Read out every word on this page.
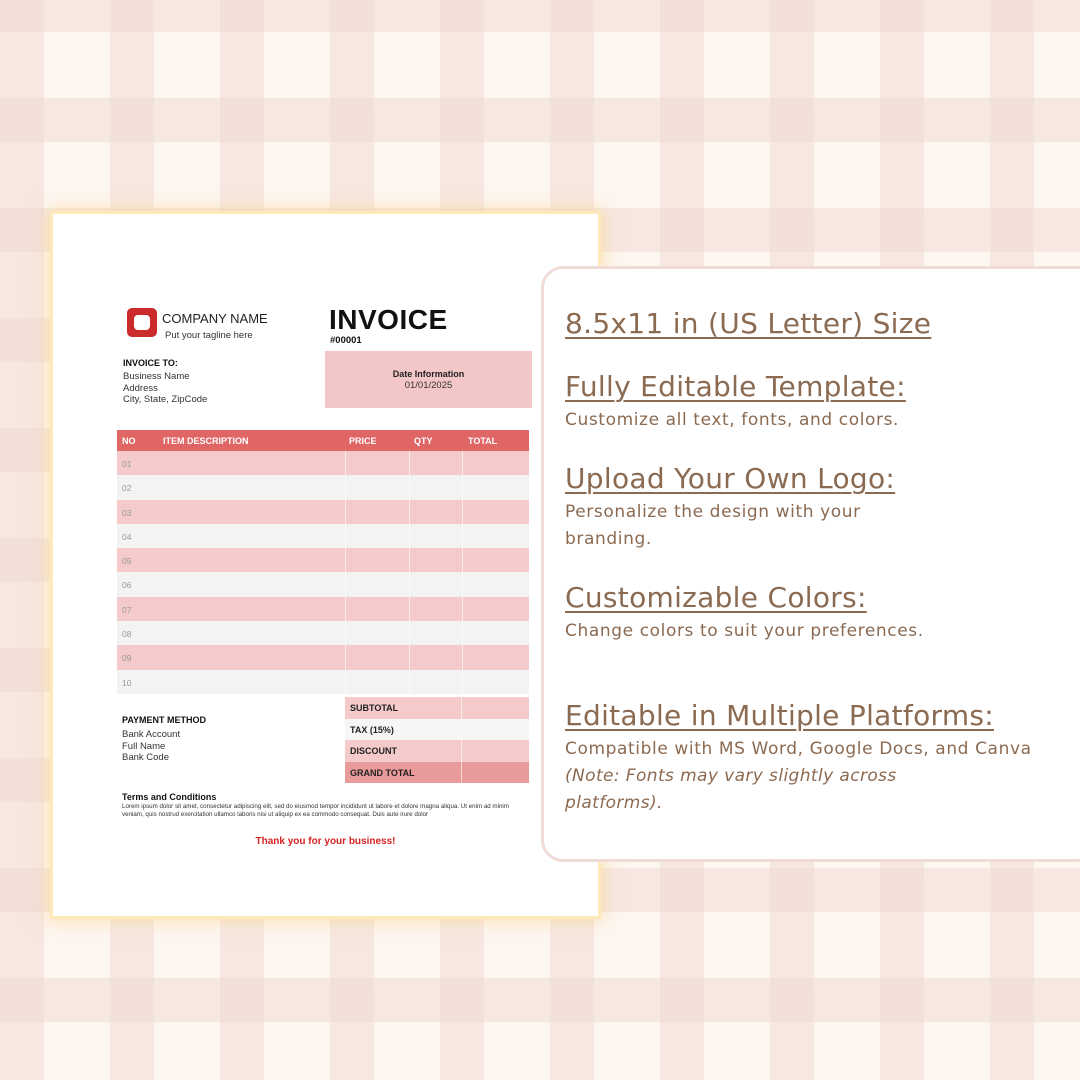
COMPANY NAME
Put your tagline here
INVOICE
#00001
INVOICE TO:
Business Name
Address
City, State, ZipCode
Date Information
01/01/2025
NO	ITEM DESCRIPTION	PRICE	QTY	TOTAL
01
02
03
04
05
06
07
08
09
10
PAYMENT METHOD
Bank Account
Full Name
Bank Code
SUBTOTAL
TAX (15%)
DISCOUNT
GRAND TOTAL
Terms and Conditions
Lorem ipsum dolor sit amet, consectetur adipiscing elit, sed do eiusmod tempor incididunt ut labore et dolore magna aliqua. Ut enim ad minim veniam, quis nostrud exercitation ullamco laboris nisi ut aliquip ex ea commodo consequat. Duis aute irure dolor
Thank you for your business!
8.5x11 in (US Letter) Size
Fully Editable Template:
Customize all text, fonts, and colors.
Upload Your Own Logo:
Personalize the design with your branding.
Customizable Colors:
Change colors to suit your preferences.
Editable in Multiple Platforms:
Compatible with MS Word, Google Docs, and Canva
(Note: Fonts may vary slightly across platforms).
